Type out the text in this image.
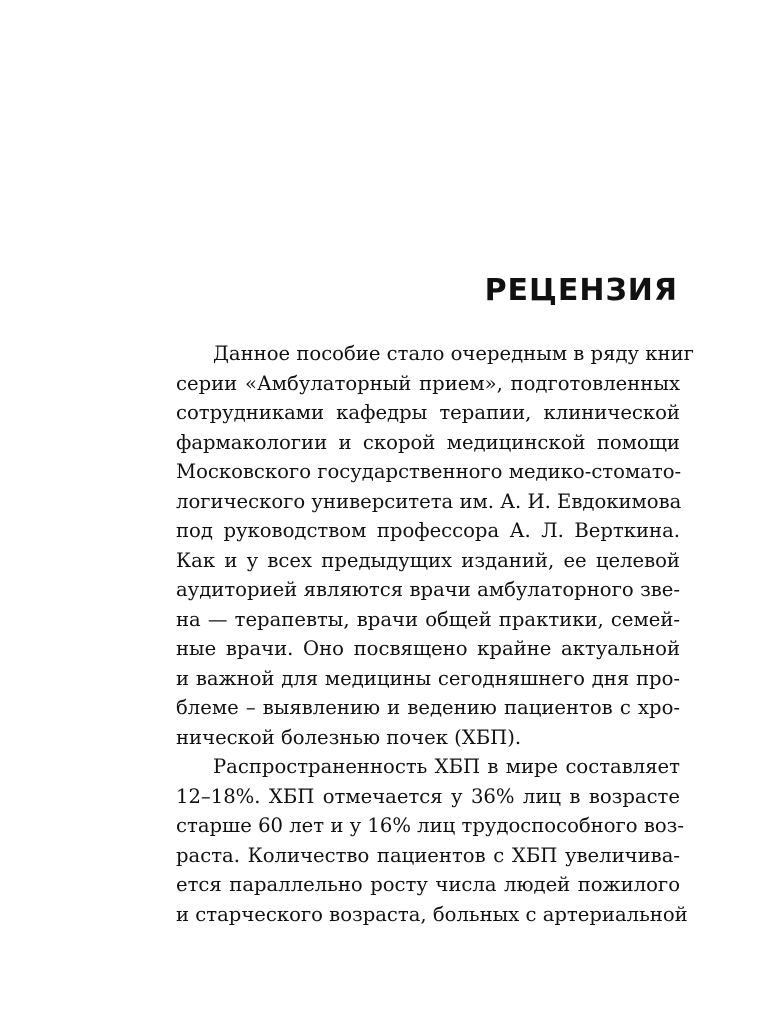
РЕЦЕНЗИЯ
Данное пособие стало очередным в ряду книг
серии «Амбулаторный прием», подготовленных
сотрудниками кафедры терапии, клинической
фармакологии и скорой медицинской помощи
Московского государственного медико-стомато-
логического университета им. А. И. Евдокимова
под руководством профессора А. Л. Верткина.
Как и у всех предыдущих изданий, ее целевой
аудиторией являются врачи амбулаторного зве-
на — терапевты, врачи общей практики, семей-
ные врачи. Оно посвящено крайне актуальной
и важной для медицины сегодняшнего дня про-
блеме – выявлению и ведению пациентов с хро-
нической болезнью почек (ХБП).
Распространенность ХБП в мире составляет
12–18%. ХБП отмечается у 36% лиц в возрасте
старше 60 лет и у 16% лиц трудоспособного воз-
раста. Количество пациентов с ХБП увеличива-
ется параллельно росту числа людей пожилого
и старческого возраста, больных с артериальной
